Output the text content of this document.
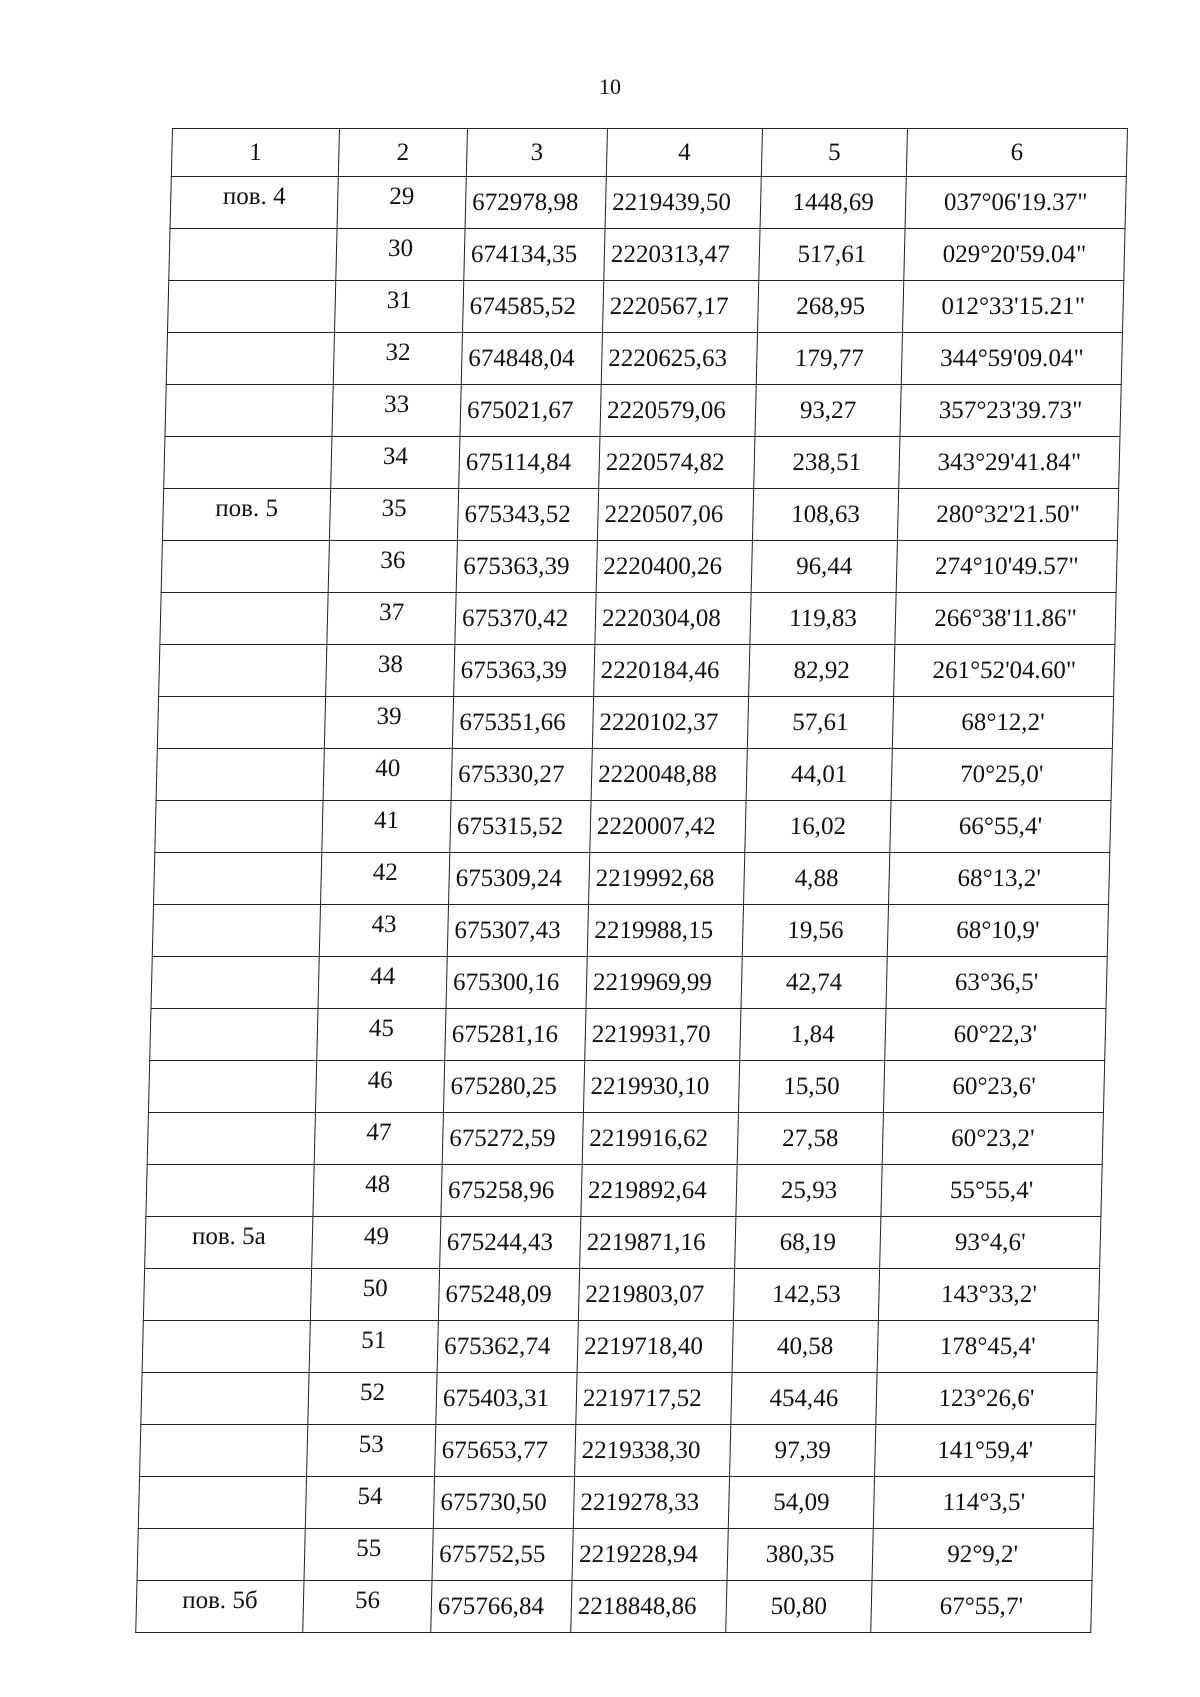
10
1	2	3	4	5	6
пов. 4	29	672978,98	2219439,50	1448,69	037°06'19.37"
	30	674134,35	2220313,47	517,61	029°20'59.04"
	31	674585,52	2220567,17	268,95	012°33'15.21"
	32	674848,04	2220625,63	179,77	344°59'09.04"
	33	675021,67	2220579,06	93,27	357°23'39.73"
	34	675114,84	2220574,82	238,51	343°29'41.84"
пов. 5	35	675343,52	2220507,06	108,63	280°32'21.50"
	36	675363,39	2220400,26	96,44	274°10'49.57"
	37	675370,42	2220304,08	119,83	266°38'11.86"
	38	675363,39	2220184,46	82,92	261°52'04.60"
	39	675351,66	2220102,37	57,61	68°12,2'
	40	675330,27	2220048,88	44,01	70°25,0'
	41	675315,52	2220007,42	16,02	66°55,4'
	42	675309,24	2219992,68	4,88	68°13,2'
	43	675307,43	2219988,15	19,56	68°10,9'
	44	675300,16	2219969,99	42,74	63°36,5'
	45	675281,16	2219931,70	1,84	60°22,3'
	46	675280,25	2219930,10	15,50	60°23,6'
	47	675272,59	2219916,62	27,58	60°23,2'
	48	675258,96	2219892,64	25,93	55°55,4'
пов. 5а	49	675244,43	2219871,16	68,19	93°4,6'
	50	675248,09	2219803,07	142,53	143°33,2'
	51	675362,74	2219718,40	40,58	178°45,4'
	52	675403,31	2219717,52	454,46	123°26,6'
	53	675653,77	2219338,30	97,39	141°59,4'
	54	675730,50	2219278,33	54,09	114°3,5'
	55	675752,55	2219228,94	380,35	92°9,2'
пов. 5б	56	675766,84	2218848,86	50,80	67°55,7'
